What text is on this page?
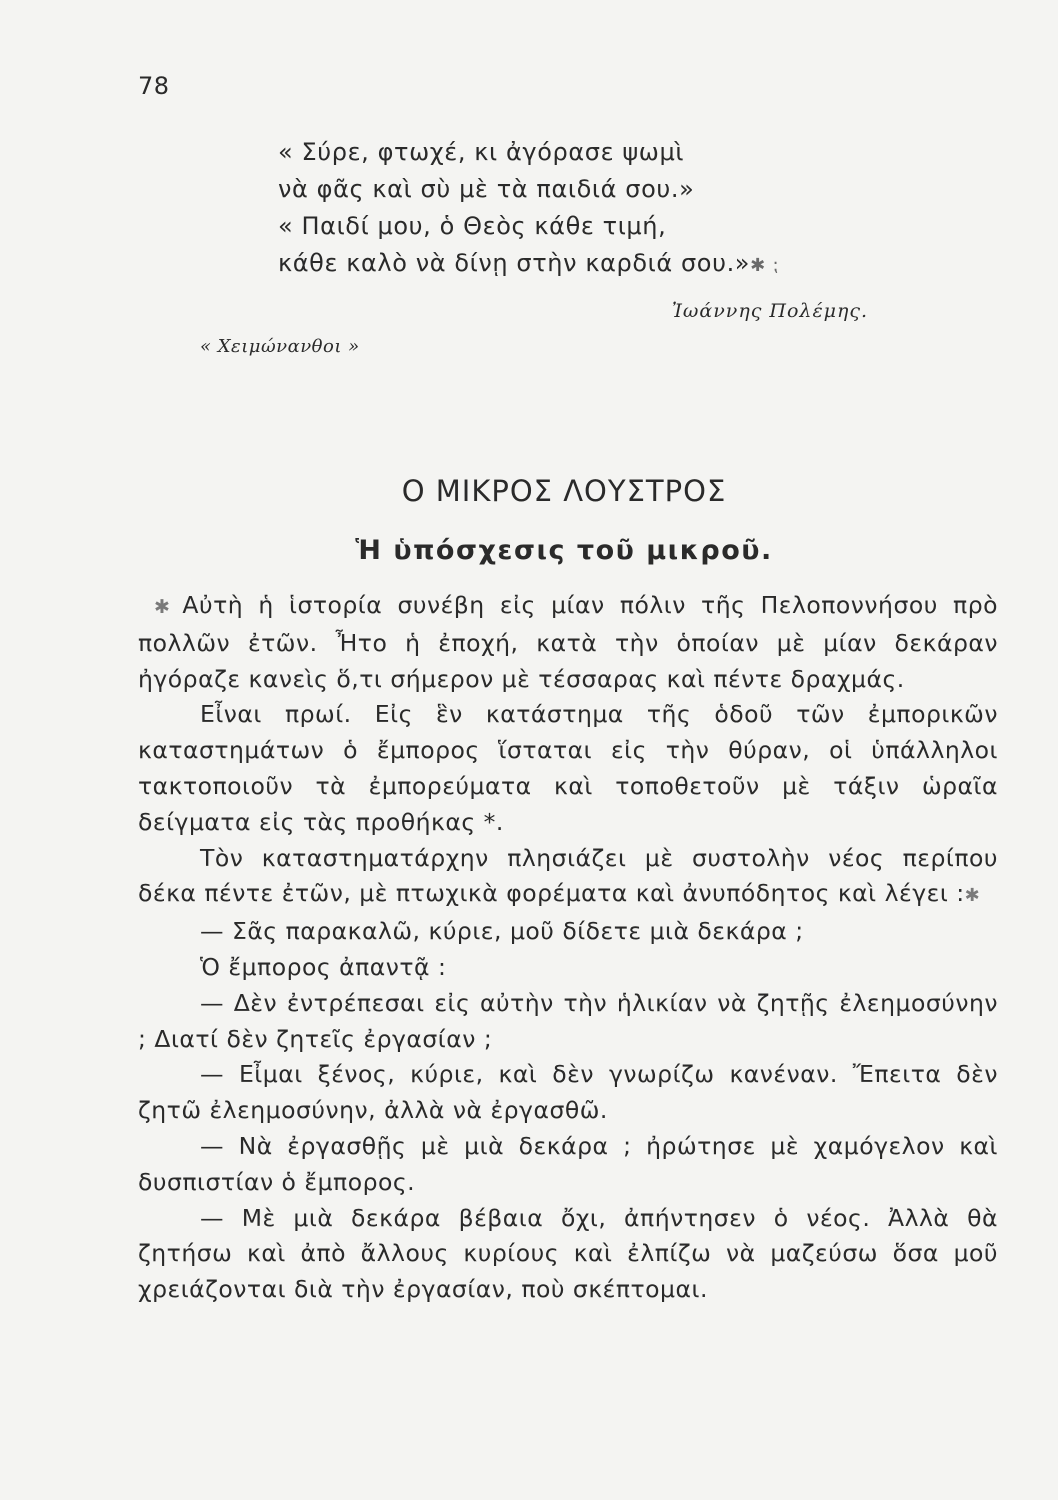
78
« Σύρε, φτωχέ, κι ἀγόρασε ψωμὶ
νὰ φᾶς καὶ σὺ μὲ τὰ παιδιά σου.»
« Παιδί μου, ὁ Θεὸς κάθε τιμή,
κάθε καλὸ νὰ δίνῃ στὴν καρδιά σου.»✱ ⁏
Ἰωάννης Πολέμης.
« Χειμώνανθοι »
Ο ΜΙΚΡΟΣ ΛΟΥΣΤΡΟΣ
Ἡ ὑπόσχεσις τοῦ μικροῦ.

✱ Αὐτὴ ἡ ἱστορία συνέβη εἰς μίαν πόλιν τῆς Πελοποννήσου πρὸ πολλῶν ἐτῶν. Ἦτο ἡ ἐποχή, κατὰ τὴν ὁποίαν μὲ μίαν δεκάραν ἠγόραζε κανεὶς ὅ,τι σήμερον μὲ τέσσαρας καὶ πέντε δραχμάς.

Εἶναι πρωί. Εἰς ἓν κατάστημα τῆς ὁδοῦ τῶν ἐμπορικῶν καταστημάτων ὁ ἔμπορος ἵσταται εἰς τὴν θύραν, οἱ ὑπάλληλοι τακτοποιοῦν τὰ ἐμπορεύματα καὶ τοποθετοῦν μὲ τάξιν ὡραῖα δείγματα εἰς τὰς προθήκας *.

Τὸν καταστηματάρχην πλησιάζει μὲ συστολὴν νέος περίπου δέκα πέντε ἐτῶν, μὲ πτωχικὰ φορέματα καὶ ἀνυπόδητος καὶ λέγει :✱

— Σᾶς παρακαλῶ, κύριε, μοῦ δίδετε μιὰ δεκάρα ;

Ὁ ἔμπορος ἀπαντᾷ :

— Δὲν ἐντρέπεσαι εἰς αὐτὴν τὴν ἡλικίαν νὰ ζητῇς ἐλεημοσύνην ; Διατί δὲν ζητεῖς ἐργασίαν ;

— Εἶμαι ξένος, κύριε, καὶ δὲν γνωρίζω κανέναν. Ἔπειτα δὲν ζητῶ ἐλεημοσύνην, ἀλλὰ νὰ ἐργασθῶ.

— Νὰ ἐργασθῇς μὲ μιὰ δεκάρα ; ἠρώτησε μὲ χαμόγελον καὶ δυσπιστίαν ὁ ἔμπορος.

— Μὲ μιὰ δεκάρα βέβαια ὄχι, ἀπήντησεν ὁ νέος. Ἀλλὰ θὰ ζητήσω καὶ ἀπὸ ἄλλους κυρίους καὶ ἐλπίζω νὰ μαζεύσω ὅσα μοῦ χρειάζονται διὰ τὴν ἐργασίαν, ποὺ σκέπτομαι.
